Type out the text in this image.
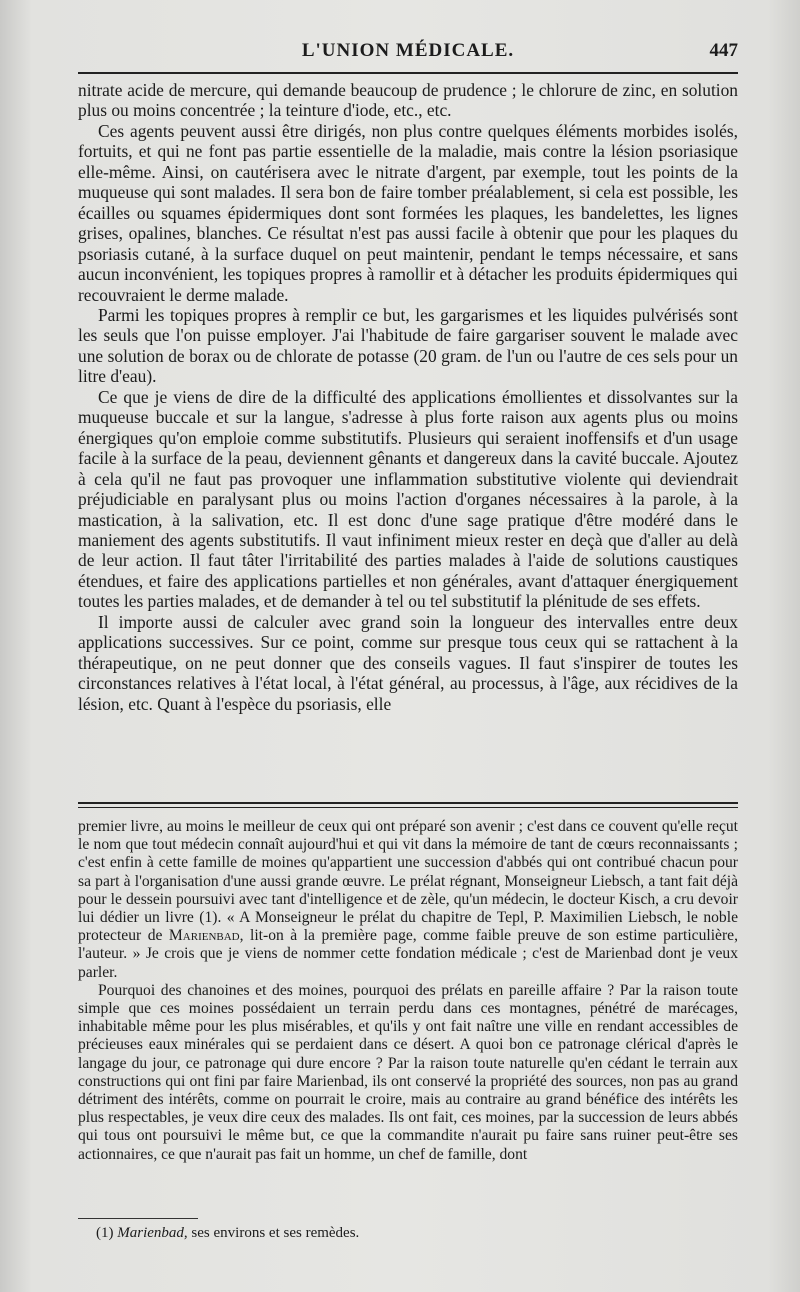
L'UNION MÉDICALE.	447

nitrate acide de mercure, qui demande beaucoup de prudence ; le chlorure de zinc, en solution plus ou moins concentrée ; la teinture d'iode, etc., etc.

Ces agents peuvent aussi être dirigés, non plus contre quelques éléments morbides isolés, fortuits, et qui ne font pas partie essentielle de la maladie, mais contre la lésion psoriasique elle-même. Ainsi, on cautérisera avec le nitrate d'argent, par exemple, tout les points de la muqueuse qui sont malades. Il sera bon de faire tomber préalablement, si cela est possible, les écailles ou squames épidermiques dont sont formées les plaques, les bandelettes, les lignes grises, opalines, blanches. Ce résultat n'est pas aussi facile à obtenir que pour les plaques du psoriasis cutané, à la surface duquel on peut maintenir, pendant le temps nécessaire, et sans aucun inconvénient, les topiques propres à ramollir et à détacher les produits épidermiques qui recouvraient le derme malade.

Parmi les topiques propres à remplir ce but, les gargarismes et les liquides pulvérisés sont les seuls que l'on puisse employer. J'ai l'habitude de faire gargariser souvent le malade avec une solution de borax ou de chlorate de potasse (20 gram. de l'un ou l'autre de ces sels pour un litre d'eau).

Ce que je viens de dire de la difficulté des applications émollientes et dissolvantes sur la muqueuse buccale et sur la langue, s'adresse à plus forte raison aux agents plus ou moins énergiques qu'on emploie comme substitutifs. Plusieurs qui seraient inoffensifs et d'un usage facile à la surface de la peau, deviennent gênants et dangereux dans la cavité buccale. Ajoutez à cela qu'il ne faut pas provoquer une inflammation substitutive violente qui deviendrait préjudiciable en paralysant plus ou moins l'action d'organes nécessaires à la parole, à la mastication, à la salivation, etc. Il est donc d'une sage pratique d'être modéré dans le maniement des agents substitutifs. Il vaut infiniment mieux rester en deçà que d'aller au delà de leur action. Il faut tâter l'irritabilité des parties malades à l'aide de solutions caustiques étendues, et faire des applications partielles et non générales, avant d'attaquer énergiquement toutes les parties malades, et de demander à tel ou tel substitutif la plénitude de ses effets.

Il importe aussi de calculer avec grand soin la longueur des intervalles entre deux applications successives. Sur ce point, comme sur presque tous ceux qui se rattachent à la thérapeutique, on ne peut donner que des conseils vagues. Il faut s'inspirer de toutes les circonstances relatives à l'état local, à l'état général, au processus, à l'âge, aux récidives de la lésion, etc. Quant à l'espèce du psoriasis, elle

premier livre, au moins le meilleur de ceux qui ont préparé son avenir ; c'est dans ce couvent qu'elle reçut le nom que tout médecin connaît aujourd'hui et qui vit dans la mémoire de tant de cœurs reconnaissants ; c'est enfin à cette famille de moines qu'appartient une succession d'abbés qui ont contribué chacun pour sa part à l'organisation d'une aussi grande œuvre. Le prélat régnant, Monseigneur Liebsch, a tant fait déjà pour le dessein poursuivi avec tant d'intelligence et de zèle, qu'un médecin, le docteur Kisch, a cru devoir lui dédier un livre (1). « A Monseigneur le prélat du chapitre de Tepl, P. Maximilien Liebsch, le noble protecteur de Marienbad, lit-on à la première page, comme faible preuve de son estime particulière, l'auteur. » Je crois que je viens de nommer cette fondation médicale ; c'est de Marienbad dont je veux parler.

Pourquoi des chanoines et des moines, pourquoi des prélats en pareille affaire ? Par la raison toute simple que ces moines possédaient un terrain perdu dans ces montagnes, pénétré de marécages, inhabitable même pour les plus misérables, et qu'ils y ont fait naître une ville en rendant accessibles de précieuses eaux minérales qui se perdaient dans ce désert. A quoi bon ce patronage clérical d'après le langage du jour, ce patronage qui dure encore ? Par la raison toute naturelle qu'en cédant le terrain aux constructions qui ont fini par faire Marienbad, ils ont conservé la propriété des sources, non pas au grand détriment des intérêts, comme on pourrait le croire, mais au contraire au grand bénéfice des intérêts les plus respectables, je veux dire ceux des malades. Ils ont fait, ces moines, par la succession de leurs abbés qui tous ont poursuivi le même but, ce que la commandite n'aurait pu faire sans ruiner peut-être ses actionnaires, ce que n'aurait pas fait un homme, un chef de famille, dont

(1) Marienbad, ses environs et ses remèdes.
